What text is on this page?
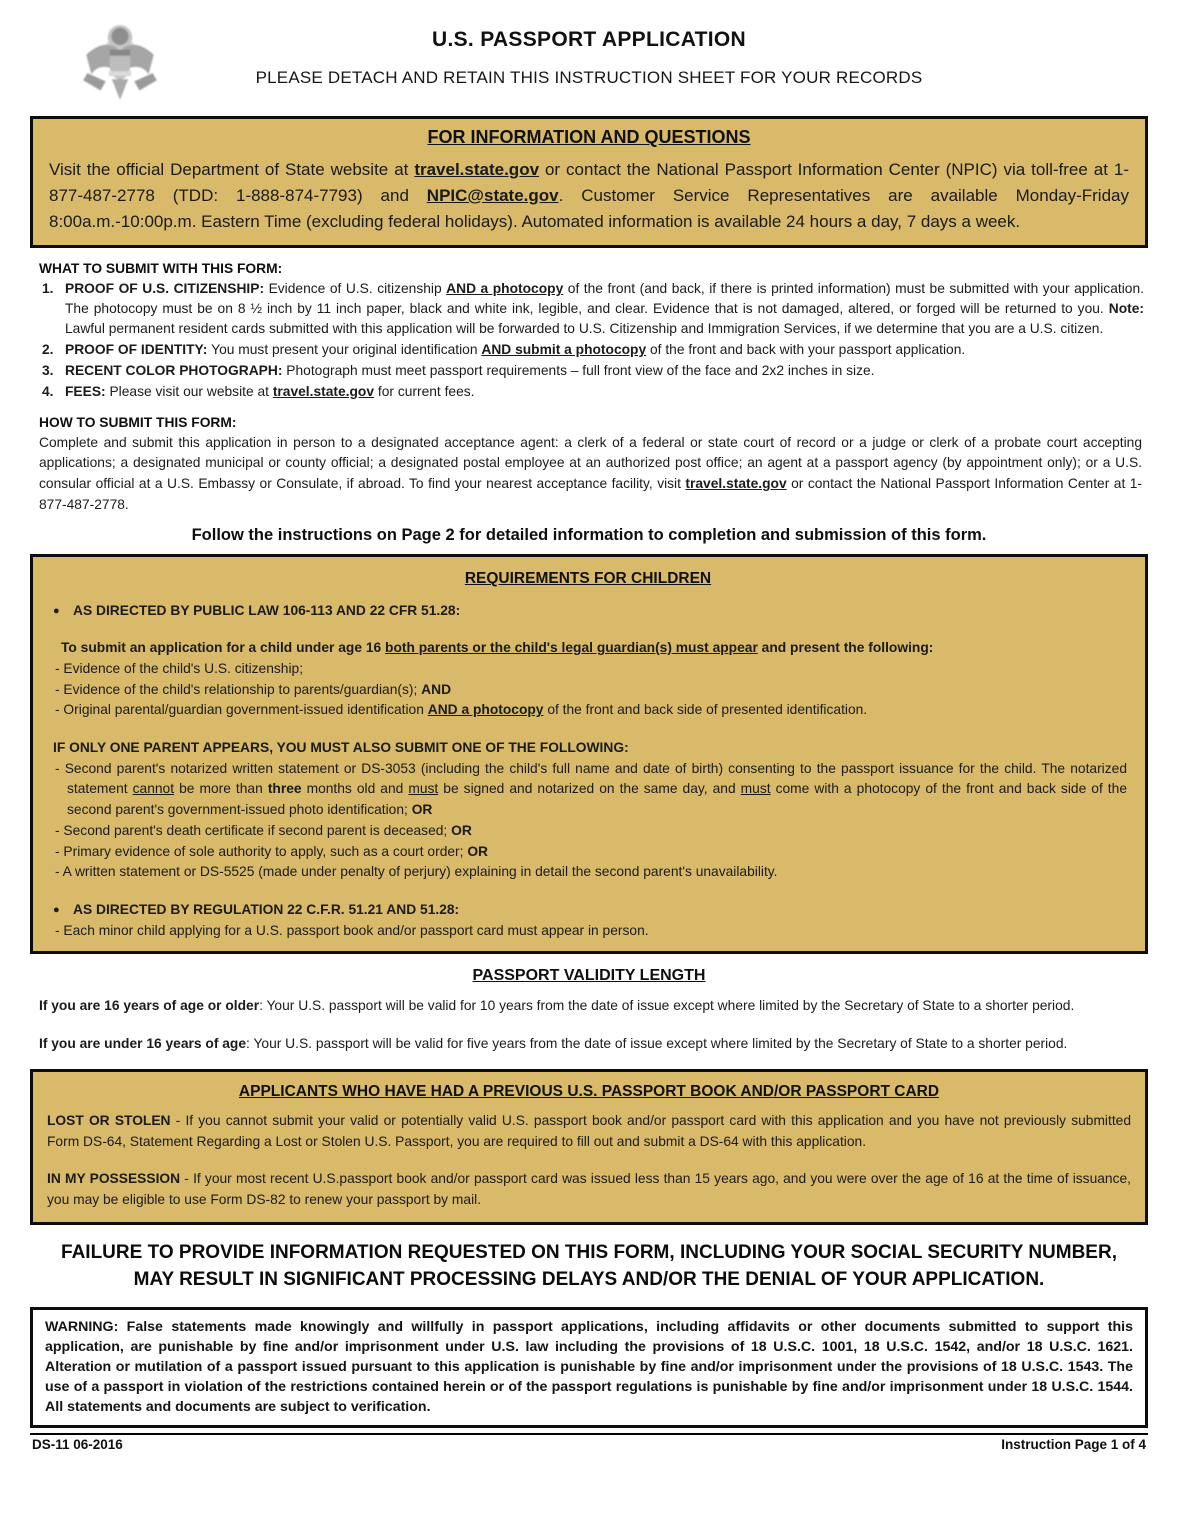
U.S. PASSPORT APPLICATION
PLEASE DETACH AND RETAIN THIS INSTRUCTION SHEET FOR YOUR RECORDS
FOR INFORMATION AND QUESTIONS
Visit the official Department of State website at travel.state.gov or contact the National Passport Information Center (NPIC) via toll-free at 1-877-487-2778 (TDD: 1-888-874-7793) and NPIC@state.gov. Customer Service Representatives are available Monday-Friday 8:00a.m.-10:00p.m. Eastern Time (excluding federal holidays). Automated information is available 24 hours a day, 7 days a week.
WHAT TO SUBMIT WITH THIS FORM:
1. PROOF OF U.S. CITIZENSHIP: Evidence of U.S. citizenship AND a photocopy of the front (and back, if there is printed information) must be submitted with your application. The photocopy must be on 8 ½ inch by 11 inch paper, black and white ink, legible, and clear. Evidence that is not damaged, altered, or forged will be returned to you. Note: Lawful permanent resident cards submitted with this application will be forwarded to U.S. Citizenship and Immigration Services, if we determine that you are a U.S. citizen.
2. PROOF OF IDENTITY: You must present your original identification AND submit a photocopy of the front and back with your passport application.
3. RECENT COLOR PHOTOGRAPH: Photograph must meet passport requirements – full front view of the face and 2x2 inches in size.
4. FEES: Please visit our website at travel.state.gov for current fees.
HOW TO SUBMIT THIS FORM:
Complete and submit this application in person to a designated acceptance agent: a clerk of a federal or state court of record or a judge or clerk of a probate court accepting applications; a designated municipal or county official; a designated postal employee at an authorized post office; an agent at a passport agency (by appointment only); or a U.S. consular official at a U.S. Embassy or Consulate, if abroad. To find your nearest acceptance facility, visit travel.state.gov or contact the National Passport Information Center at 1-877-487-2778.
Follow the instructions on Page 2 for detailed information to completion and submission of this form.
REQUIREMENTS FOR CHILDREN
● AS DIRECTED BY PUBLIC LAW 106-113 AND 22 CFR 51.28:
To submit an application for a child under age 16 both parents or the child's legal guardian(s) must appear and present the following:
- Evidence of the child's U.S. citizenship;
- Evidence of the child's relationship to parents/guardian(s); AND
- Original parental/guardian government-issued identification AND a photocopy of the front and back side of presented identification.
IF ONLY ONE PARENT APPEARS, YOU MUST ALSO SUBMIT ONE OF THE FOLLOWING:
- Second parent's notarized written statement or DS-3053 (including the child's full name and date of birth) consenting to the passport issuance for the child. The notarized statement cannot be more than three months old and must be signed and notarized on the same day, and must come with a photocopy of the front and back side of the second parent's government-issued photo identification; OR
- Second parent's death certificate if second parent is deceased; OR
- Primary evidence of sole authority to apply, such as a court order; OR
- A written statement or DS-5525 (made under penalty of perjury) explaining in detail the second parent's unavailability.
● AS DIRECTED BY REGULATION 22 C.F.R. 51.21 AND 51.28:
- Each minor child applying for a U.S. passport book and/or passport card must appear in person.
PASSPORT VALIDITY LENGTH
If you are 16 years of age or older: Your U.S. passport will be valid for 10 years from the date of issue except where limited by the Secretary of State to a shorter period.
If you are under 16 years of age: Your U.S. passport will be valid for five years from the date of issue except where limited by the Secretary of State to a shorter period.
APPLICANTS WHO HAVE HAD A PREVIOUS U.S. PASSPORT BOOK AND/OR PASSPORT CARD
LOST OR STOLEN - If you cannot submit your valid or potentially valid U.S. passport book and/or passport card with this application and you have not previously submitted Form DS-64, Statement Regarding a Lost or Stolen U.S. Passport, you are required to fill out and submit a DS-64 with this application.
IN MY POSSESSION - If your most recent U.S.passport book and/or passport card was issued less than 15 years ago, and you were over the age of 16 at the time of issuance, you may be eligible to use Form DS-82 to renew your passport by mail.
FAILURE TO PROVIDE INFORMATION REQUESTED ON THIS FORM, INCLUDING YOUR SOCIAL SECURITY NUMBER, MAY RESULT IN SIGNIFICANT PROCESSING DELAYS AND/OR THE DENIAL OF YOUR APPLICATION.
WARNING: False statements made knowingly and willfully in passport applications, including affidavits or other documents submitted to support this application, are punishable by fine and/or imprisonment under U.S. law including the provisions of 18 U.S.C. 1001, 18 U.S.C. 1542, and/or 18 U.S.C. 1621. Alteration or mutilation of a passport issued pursuant to this application is punishable by fine and/or imprisonment under the provisions of 18 U.S.C. 1543. The use of a passport in violation of the restrictions contained herein or of the passport regulations is punishable by fine and/or imprisonment under 18 U.S.C. 1544. All statements and documents are subject to verification.
DS-11 06-2016	Instruction Page 1 of 4
